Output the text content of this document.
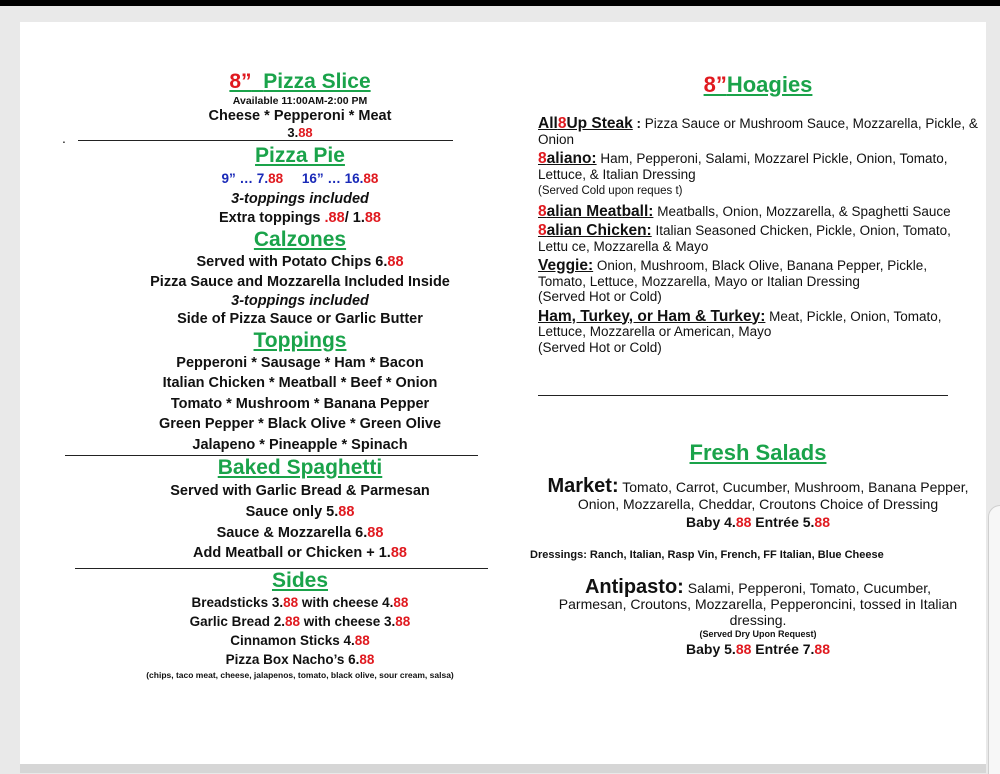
8” Pizza Slice

Available 11:00AM-2:00 PM

Cheese * Pepperoni * Meat

3.88

.

Pizza Pie

9” … 7.88 16” … 16.88

3-toppings included

Extra toppings .88/ 1.88

Calzones

Served with Potato Chips 6.88

Pizza Sauce and Mozzarella Included Inside

3-toppings included

Side of Pizza Sauce or Garlic Butter

Toppings

Pepperoni * Sausage * Ham * Bacon

Italian Chicken * Meatball * Beef * Onion

Tomato * Mushroom * Banana Pepper

Green Pepper * Black Olive * Green Olive

Jalapeno * Pineapple * Spinach

Baked Spaghetti

Served with Garlic Bread & Parmesan

Sauce only 5.88

Sauce & Mozzarella 6.88

Add Meatball or Chicken + 1.88

Sides

Breadsticks 3.88 with cheese 4.88

Garlic Bread 2.88 with cheese 3.88

Cinnamon Sticks 4.88

Pizza Box Nacho’s 6.88

(chips, taco meat, cheese, jalapenos, tomato, black olive, sour cream, salsa)

8”Hoagies

All8Up Steak : Pizza Sauce or Mushroom Sauce, Mozzarella, Pickle, & Onion

8aliano: Ham, Pepperoni, Salami, Mozzarel Pickle, Onion, Tomato, Lettuce, & Italian Dressing
(Served Cold upon reques t)

8alian Meatball: Meatballs, Onion, Mozzarella, & Spaghetti Sauce

8alian Chicken: Italian Seasoned Chicken, Pickle, Onion, Tomato, Lettu ce, Mozzarella & Mayo

Veggie: Onion, Mushroom, Black Olive, Banana Pepper, Pickle, Tomato, Lettuce, Mozzarella, Mayo or Italian Dressing
(Served Hot or Cold)

Ham, Turkey, or Ham & Turkey: Meat, Pickle, Onion, Tomato, Lettuce, Mozzarella or American, Mayo
(Served Hot or Cold)

Fresh Salads

Market: Tomato, Carrot, Cucumber, Mushroom, Banana Pepper, Onion, Mozzarella, Cheddar, Croutons Choice of Dressing

Baby 4.88 Entrée 5.88

Dressings: Ranch, Italian, Rasp Vin, French, FF Italian, Blue Cheese

Antipasto: Salami, Pepperoni, Tomato, Cucumber, Parmesan, Croutons, Mozzarella, Pepperoncini, tossed in Italian dressing.

(Served Dry Upon Request)

Baby 5.88 Entrée 7.88
